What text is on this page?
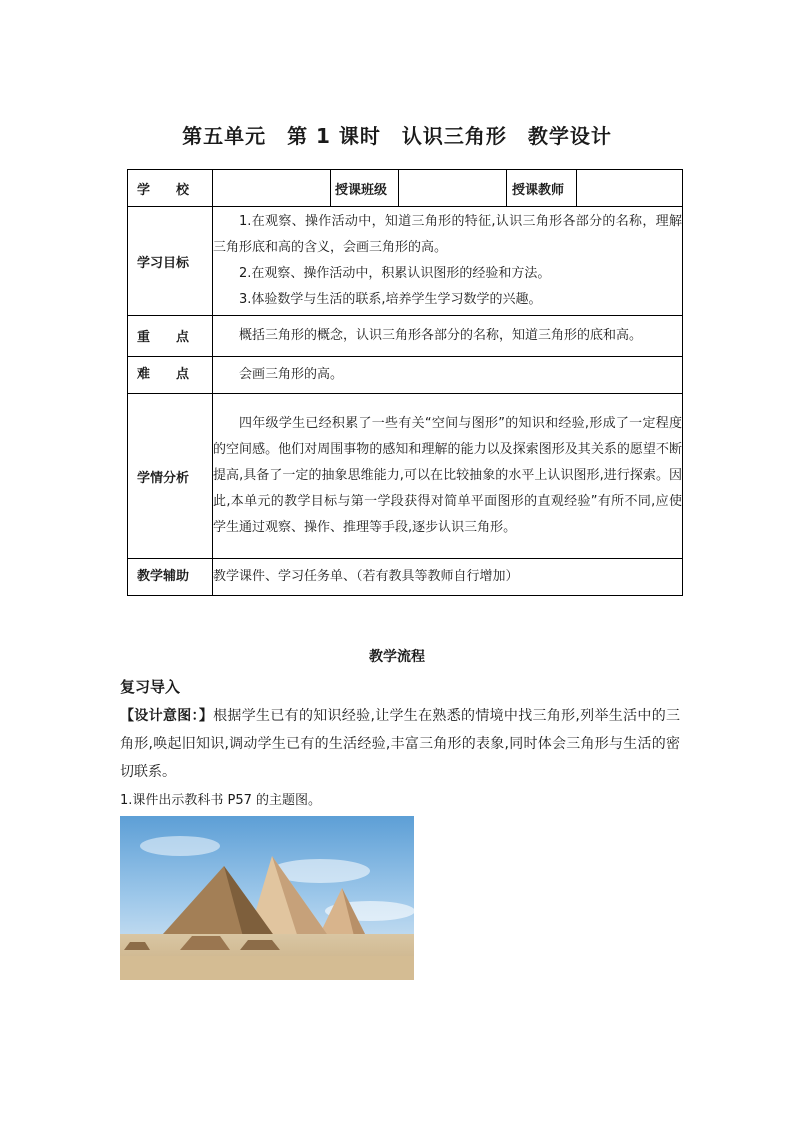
第五单元　第 1 课时　认识三角形　教学设计
学　　校		授课班级		授课教师	
学习目标	1.在观察、操作活动中，知道三角形的特征,认识三角形各部分的名称，理解三角形底和高的含义，会画三角形的高。
2.在观察、操作活动中，积累认识图形的经验和方法。
3.体验数学与生活的联系,培养学生学习数学的兴趣。				

重　　点	概括三角形的概念，认识三角形各部分的名称，知道三角形的底和高。				
难　　点	会画三角形的高。				
学情分析	四年级学生已经积累了一些有关“空间与图形”的知识和经验,形成了一定程度的空间感。他们对周围事物的感知和理解的能力以及探索图形及其关系的愿望不断提高,具备了一定的抽象思维能力,可以在比较抽象的水平上认识图形,进行探索。因此,本单元的教学目标与第一学段获得对简单平面图形的直观经验”有所不同,应使学生通过观察、操作、推理等手段,逐步认识三角形。				
教学辅助	教学课件、学习任务单、（若有教具等教师自行增加）				
教学流程
复习导入
【设计意图：】根据学生已有的知识经验,让学生在熟悉的情境中找三角形,列举生活中的三角形,唤起旧知识,调动学生已有的生活经验,丰富三角形的表象,同时体会三角形与生活的密切联系。
1.课件出示教科书 P57 的主题图。
